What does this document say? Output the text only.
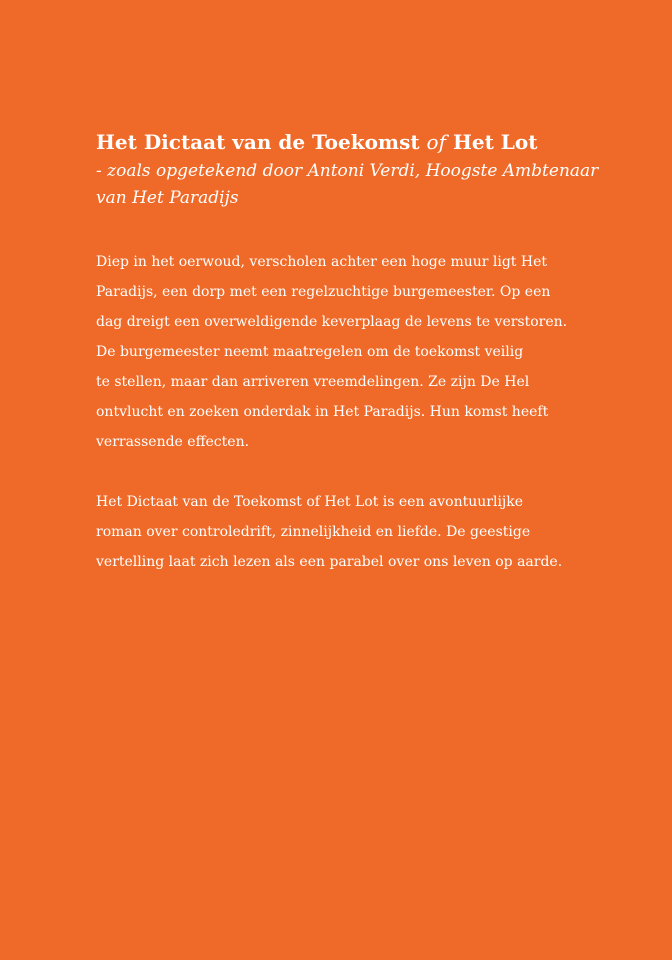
Het Dictaat van de Toekomst of Het Lot

- zoals opgetekend door Antoni Verdi, Hoogste Ambtenaar
van Het Paradijs

Diep in het oerwoud, verscholen achter een hoge muur ligt Het
Paradijs, een dorp met een regelzuchtige burgemeester. Op een
dag dreigt een overweldigende keverplaag de levens te verstoren.
De burgemeester neemt maatregelen om de toekomst veilig
te stellen, maar dan arriveren vreemdelingen. Ze zijn De Hel
ontvlucht en zoeken onderdak in Het Paradijs. Hun komst heeft
verrassende effecten.

Het Dictaat van de Toekomst of Het Lot is een avontuurlijke
roman over controledrift, zinnelijkheid en liefde. De geestige
vertelling laat zich lezen als een parabel over ons leven op aarde.
